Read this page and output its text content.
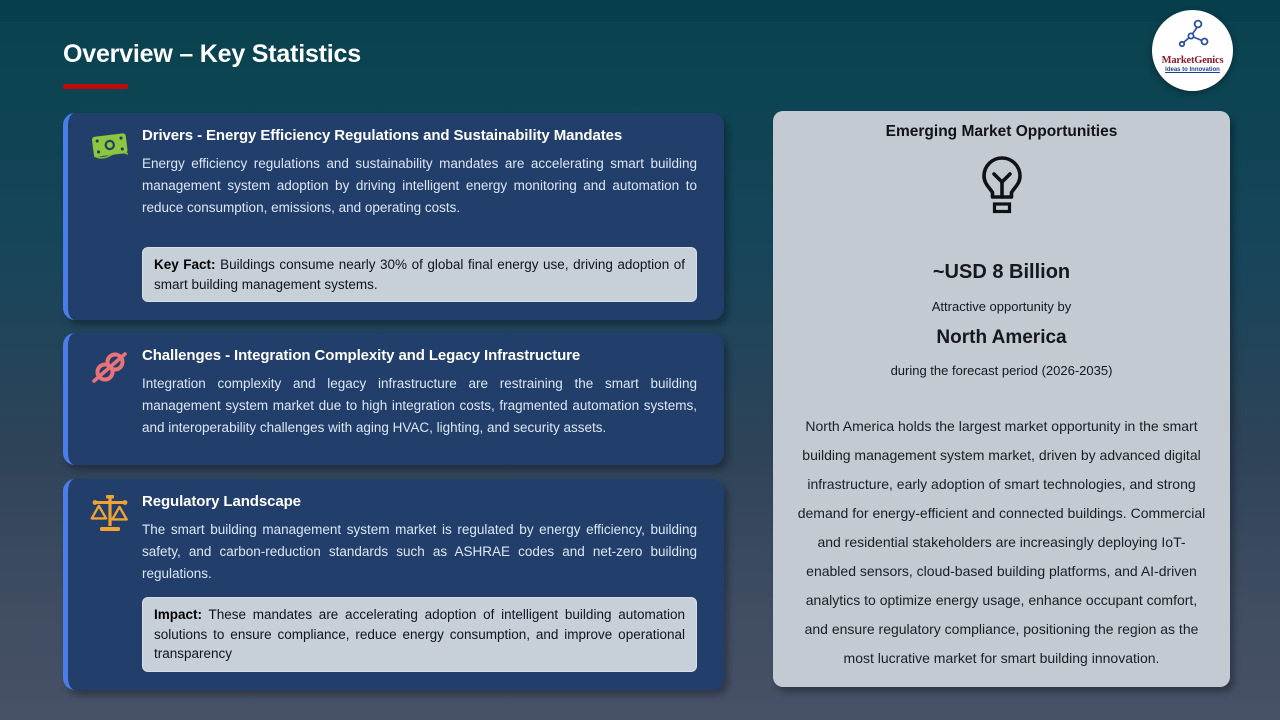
Overview – Key Statistics	MarketGenics
Ideas to Innovation
Drivers - Energy Efficiency Regulations and Sustainability Mandates

Energy efficiency regulations and sustainability mandates are accelerating smart building management system adoption by driving intelligent energy monitoring and automation to reduce consumption, emissions, and operating costs.

Key Fact: Buildings consume nearly 30% of global final energy use, driving adoption of smart building management systems.
Challenges - Integration Complexity and Legacy Infrastructure

Integration complexity and legacy infrastructure are restraining the smart building management system market due to high integration costs, fragmented automation systems, and interoperability challenges with aging HVAC, lighting, and security assets.

Regulatory Landscape

The smart building management system market is regulated by energy efficiency, building safety, and carbon-reduction standards such as ASHRAE codes and net-zero building regulations.

Impact: These mandates are accelerating adoption of intelligent building automation solutions to ensure compliance, reduce energy consumption, and improve operational transparency
Emerging Market Opportunities
~USD 8 Billion
Attractive opportunity by
North America
during the forecast period (2026-2035)

North America holds the largest market opportunity in the smart building management system market, driven by advanced digital infrastructure, early adoption of smart technologies, and strong demand for energy-efficient and connected buildings. Commercial and residential stakeholders are increasingly deploying IoT-enabled sensors, cloud-based building platforms, and AI-driven analytics to optimize energy usage, enhance occupant comfort, and ensure regulatory compliance, positioning the region as the most lucrative market for smart building innovation.
